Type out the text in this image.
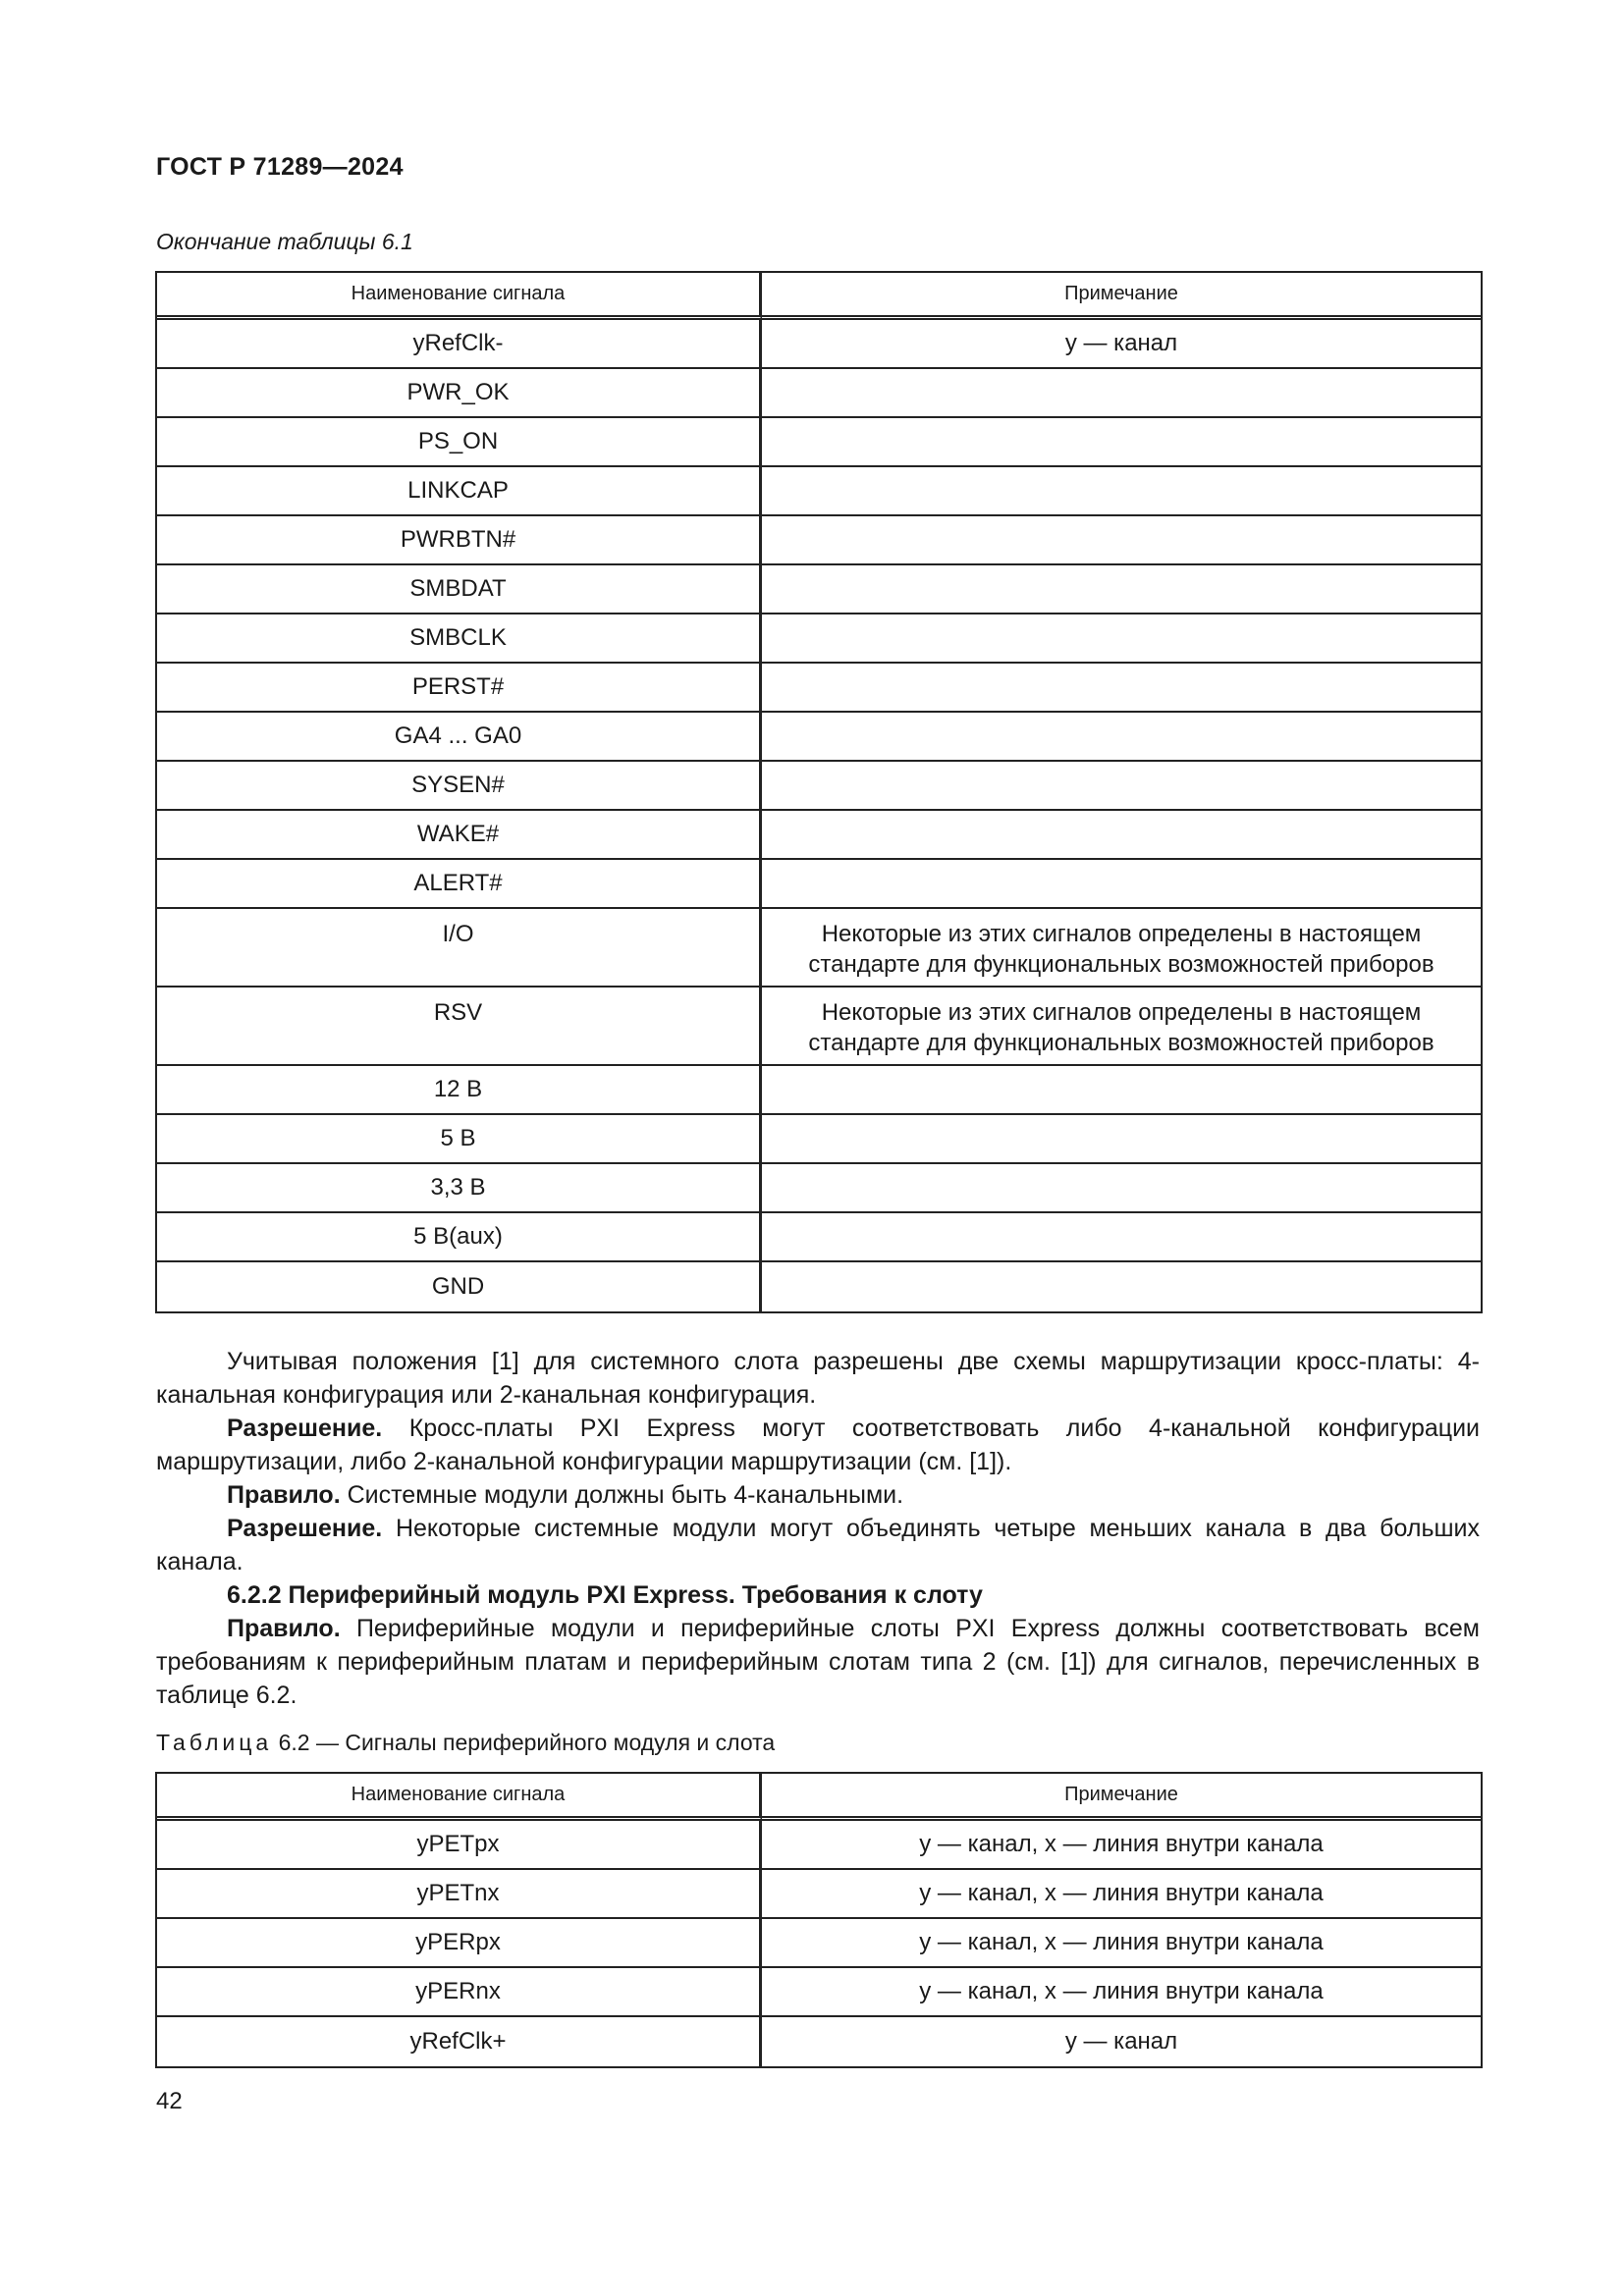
ГОСТ Р 71289—2024
Окончание таблицы 6.1
Наименование сигнала	Примечание
yRefClk-	y — канал
PWR_OK	
PS_ON	
LINKCAP	
PWRBTN#	
SMBDAT	
SMBCLK	
PERST#	
GA4 ... GA0	
SYSEN#	
WAKE#	
ALERT#	
I/O	Некоторые из этих сигналов определены в настоящем стандарте для функциональных возможностей приборов
RSV	Некоторые из этих сигналов определены в настоящем стандарте для функциональных возможностей приборов
12 В	
5 В	
3,3 В	
5 В(aux)	
GND	
Учитывая положения [1] для системного слота разрешены две схемы маршрутизации кросс-платы: 4-канальная конфигурация или 2-канальная конфигурация.
Разрешение. Кросс-платы PXI Express могут соответствовать либо 4-канальной конфигурации маршрутизации, либо 2-канальной конфигурации маршрутизации (см. [1]).
Правило. Системные модули должны быть 4-канальными.
Разрешение. Некоторые системные модули могут объединять четыре меньших канала в два больших канала.
6.2.2 Периферийный модуль PXI Express. Требования к слоту
Правило. Периферийные модули и периферийные слоты PXI Express должны соответствовать всем требованиям к периферийным платам и периферийным слотам типа 2 (см. [1]) для сигналов, перечисленных в таблице 6.2.
Таблица 6.2 — Сигналы периферийного модуля и слота
Наименование сигнала	Примечание
yPETpx	y — канал, x — линия внутри канала
yPETnx	y — канал, x — линия внутри канала
yPERpx	y — канал, x — линия внутри канала
yPERnx	y — канал, x — линия внутри канала
yRefClk+	y — канал
42
